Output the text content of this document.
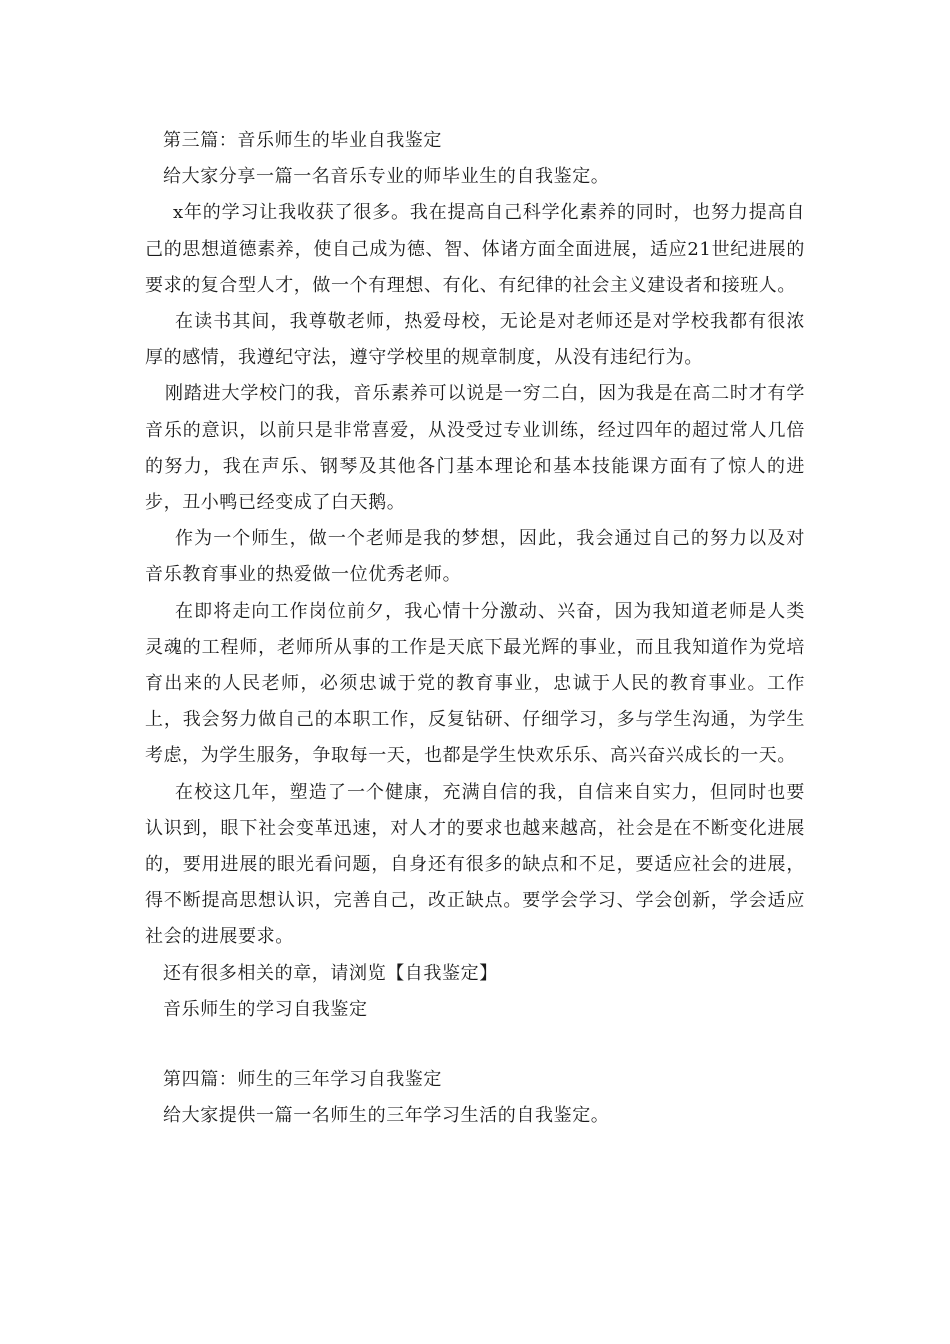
第三篇：音乐师生的毕业自我鉴定

给大家分享一篇一名音乐专业的师毕业生的自我鉴定。

x年的学习让我收获了很多。我在提高自己科学化素养的同时，也努力提高自己的思想道德素养，使自己成为德、智、体诸方面全面进展，适应21世纪进展的要求的复合型人才，做一个有理想、有化、有纪律的社会主义建设者和接班人。

在读书其间，我尊敬老师，热爱母校，无论是对老师还是对学校我都有很浓厚的感情，我遵纪守法，遵守学校里的规章制度，从没有违纪行为。

刚踏进大学校门的我，音乐素养可以说是一穷二白，因为我是在高二时才有学音乐的意识，以前只是非常喜爱，从没受过专业训练，经过四年的超过常人几倍的努力，我在声乐、钢琴及其他各门基本理论和基本技能课方面有了惊人的进步，丑小鸭已经变成了白天鹅。

作为一个师生，做一个老师是我的梦想，因此，我会通过自己的努力以及对音乐教育事业的热爱做一位优秀老师。

在即将走向工作岗位前夕，我心情十分激动、兴奋，因为我知道老师是人类灵魂的工程师，老师所从事的工作是天底下最光辉的事业，而且我知道作为党培育出来的人民老师，必须忠诚于党的教育事业，忠诚于人民的教育事业。工作上，我会努力做自己的本职工作，反复钻研、仔细学习，多与学生沟通，为学生考虑，为学生服务，争取每一天，也都是学生快欢乐乐、高兴奋兴成长的一天。

在校这几年，塑造了一个健康，充满自信的我，自信来自实力，但同时也要认识到，眼下社会变革迅速，对人才的要求也越来越高，社会是在不断变化进展的，要用进展的眼光看问题，自身还有很多的缺点和不足，要适应社会的进展，得不断提高思想认识，完善自己，改正缺点。要学会学习、学会创新，学会适应社会的进展要求。

还有很多相关的章，请浏览【自我鉴定】

音乐师生的学习自我鉴定

第四篇：师生的三年学习自我鉴定

给大家提供一篇一名师生的三年学习生活的自我鉴定。
